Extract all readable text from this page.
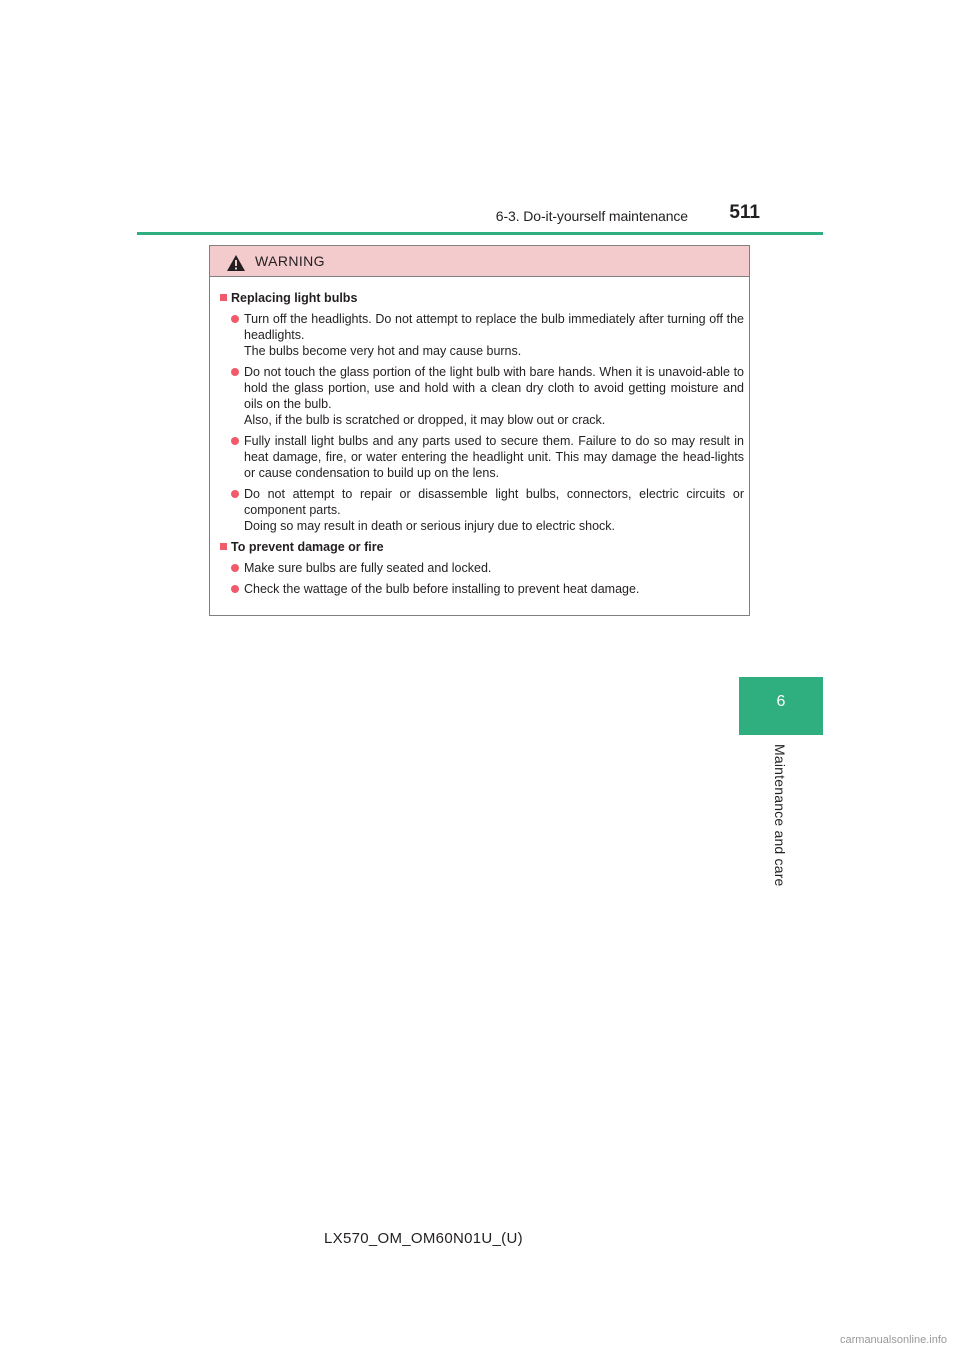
6-3. Do-it-yourself maintenance	511
6
Maintenance and care
WARNING
Replacing light bulbs
Turn off the headlights. Do not attempt to replace the bulb immediately after turning off the headlights.
The bulbs become very hot and may cause burns.
Do not touch the glass portion of the light bulb with bare hands. When it is unavoid-able to hold the glass portion, use and hold with a clean dry cloth to avoid getting moisture and oils on the bulb.
Also, if the bulb is scratched or dropped, it may blow out or crack.
Fully install light bulbs and any parts used to secure them. Failure to do so may result in heat damage, fire, or water entering the headlight unit. This may damage the head-lights or cause condensation to build up on the lens.
Do not attempt to repair or disassemble light bulbs, connectors, electric circuits or component parts.
Doing so may result in death or serious injury due to electric shock.
To prevent damage or fire
Make sure bulbs are fully seated and locked.
Check the wattage of the bulb before installing to prevent heat damage.
LX570_OM_OM60N01U_(U)
carmanualsonline.info
